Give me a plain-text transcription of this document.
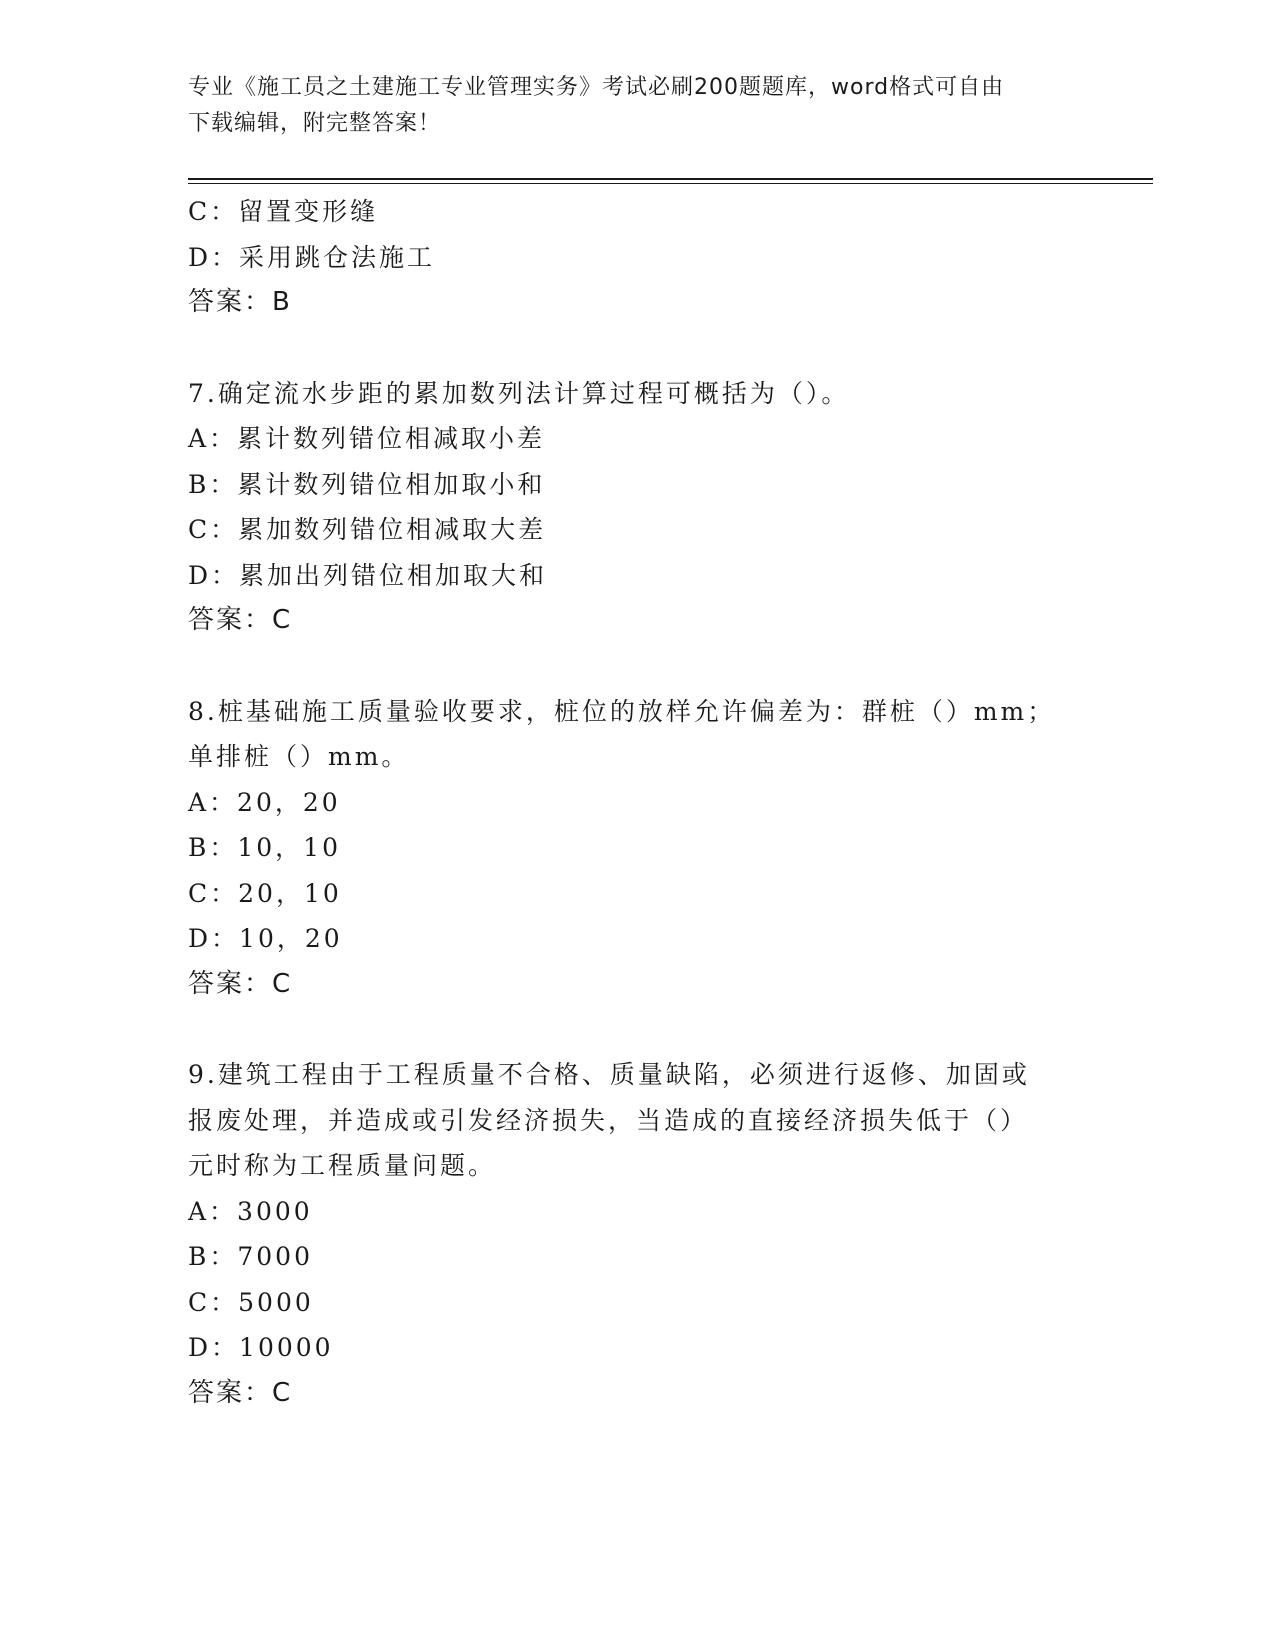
专业《施工员之土建施工专业管理实务》考试必刷200题题库，word格式可自由
下载编辑，附完整答案！
C：留置变形缝
D：采用跳仓法施工
答案：B
7.确定流水步距的累加数列法计算过程可概括为（）。
A：累计数列错位相减取小差
B：累计数列错位相加取小和
C：累加数列错位相减取大差
D：累加出列错位相加取大和
答案：C
8.桩基础施工质量验收要求，桩位的放样允许偏差为：群桩（）mm；
单排桩（）mm。
A：20，20
B：10，10
C：20，10
D：10，20
答案：C
9.建筑工程由于工程质量不合格、质量缺陷，必须进行返修、加固或
报废处理，并造成或引发经济损失，当造成的直接经济损失低于（）
元时称为工程质量问题。
A：3000
B：7000
C：5000
D：10000
答案：C
